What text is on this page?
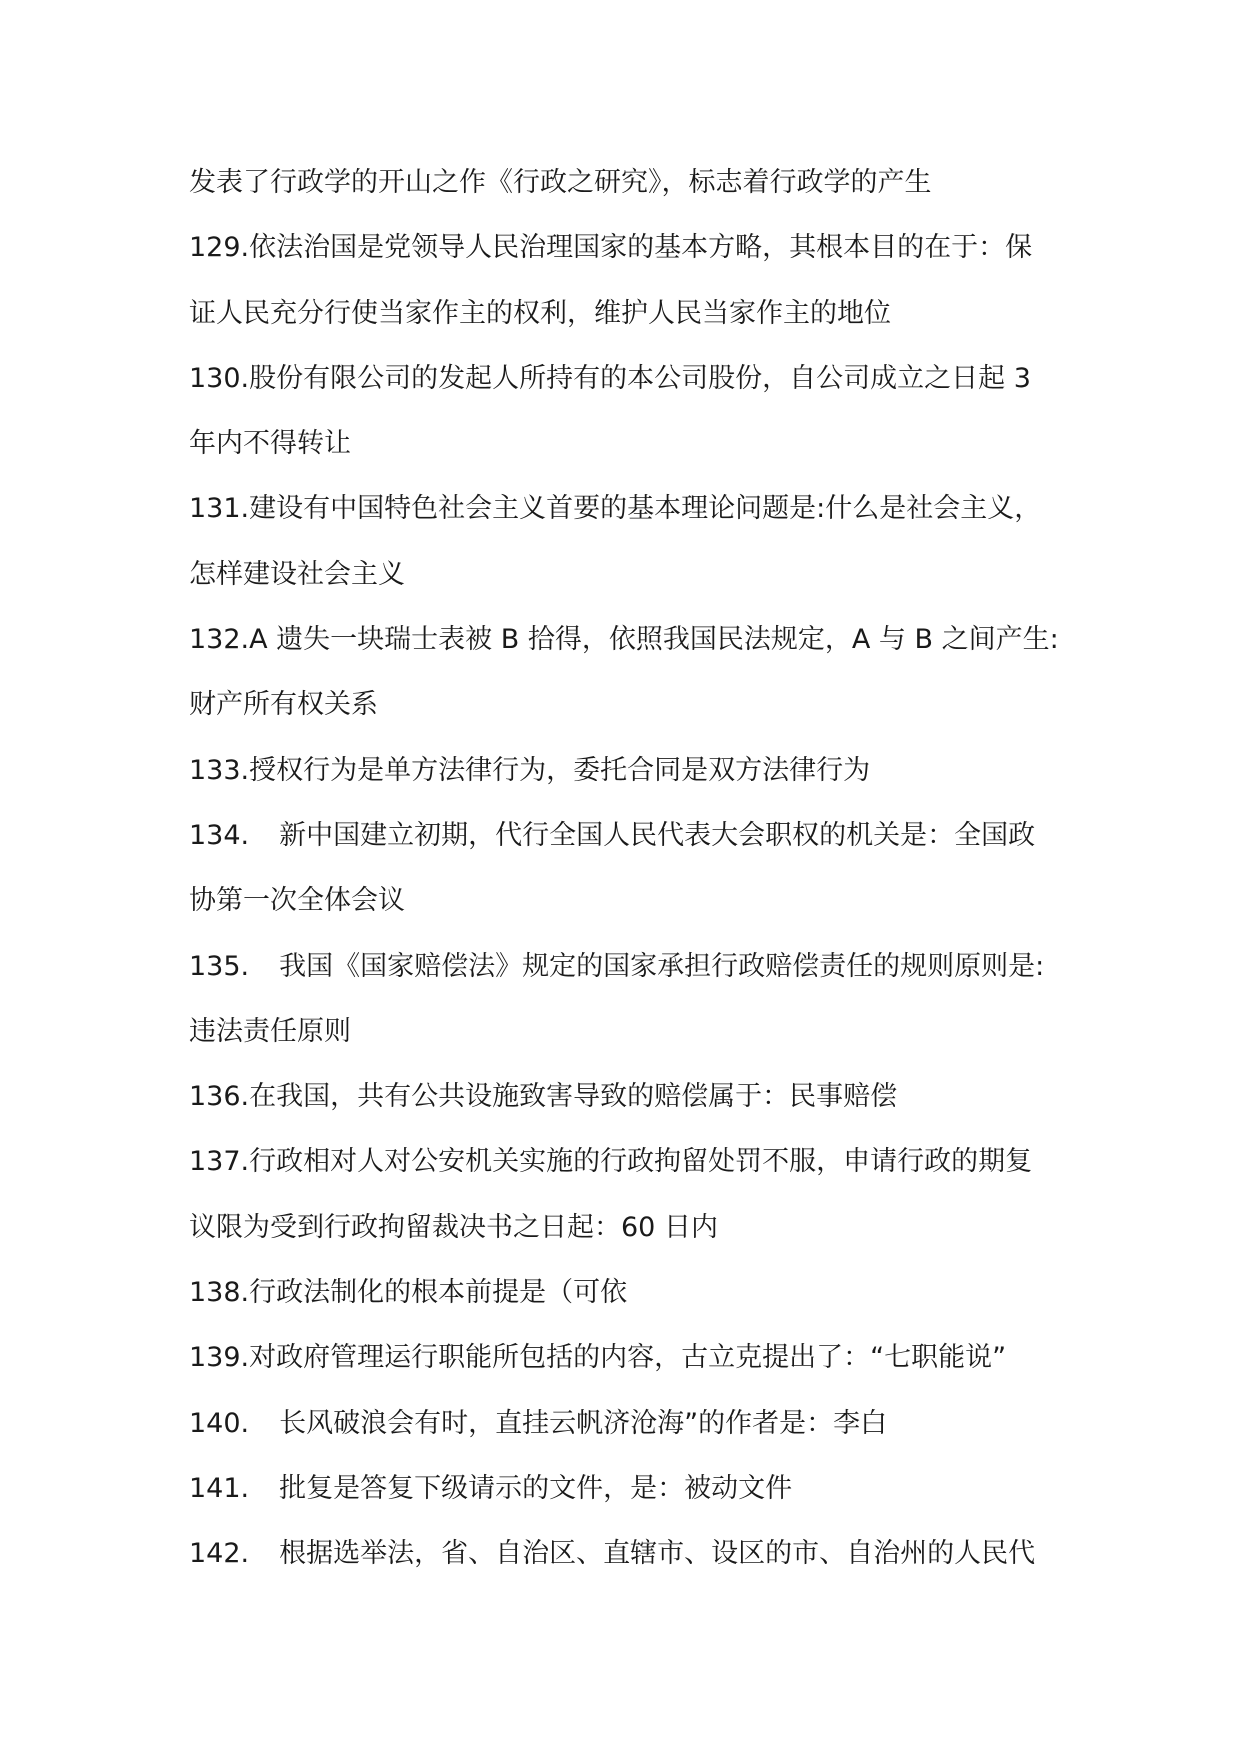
发表了行政学的开山之作《行政之研究》，标志着行政学的产生
129.依法治国是党领导人民治理国家的基本方略，其根本目的在于：保
证人民充分行使当家作主的权利，维护人民当家作主的地位
130.股份有限公司的发起人所持有的本公司股份，自公司成立之日起 3
年内不得转让
131.建设有中国特色社会主义首要的基本理论问题是:什么是社会主义，
怎样建设社会主义
132.A 遗失一块瑞士表被 B 拾得，依照我国民法规定，A 与 B 之间产生:
财产所有权关系
133.授权行为是单方法律行为，委托合同是双方法律行为
134. 新中国建立初期，代行全国人民代表大会职权的机关是：全国政
协第一次全体会议
135. 我国《国家赔偿法》规定的国家承担行政赔偿责任的规则原则是:
违法责任原则
136.在我国，共有公共设施致害导致的赔偿属于：民事赔偿
137.行政相对人对公安机关实施的行政拘留处罚不服，申请行政的期复
议限为受到行政拘留裁决书之日起：60 日内
138.行政法制化的根本前提是（可依
139.对政府管理运行职能所包括的内容，古立克提出了：“七职能说”
140. 长风破浪会有时，直挂云帆济沧海”的作者是：李白
141. 批复是答复下级请示的文件，是：被动文件
142. 根据选举法，省、自治区、直辖市、设区的市、自治州的人民代
